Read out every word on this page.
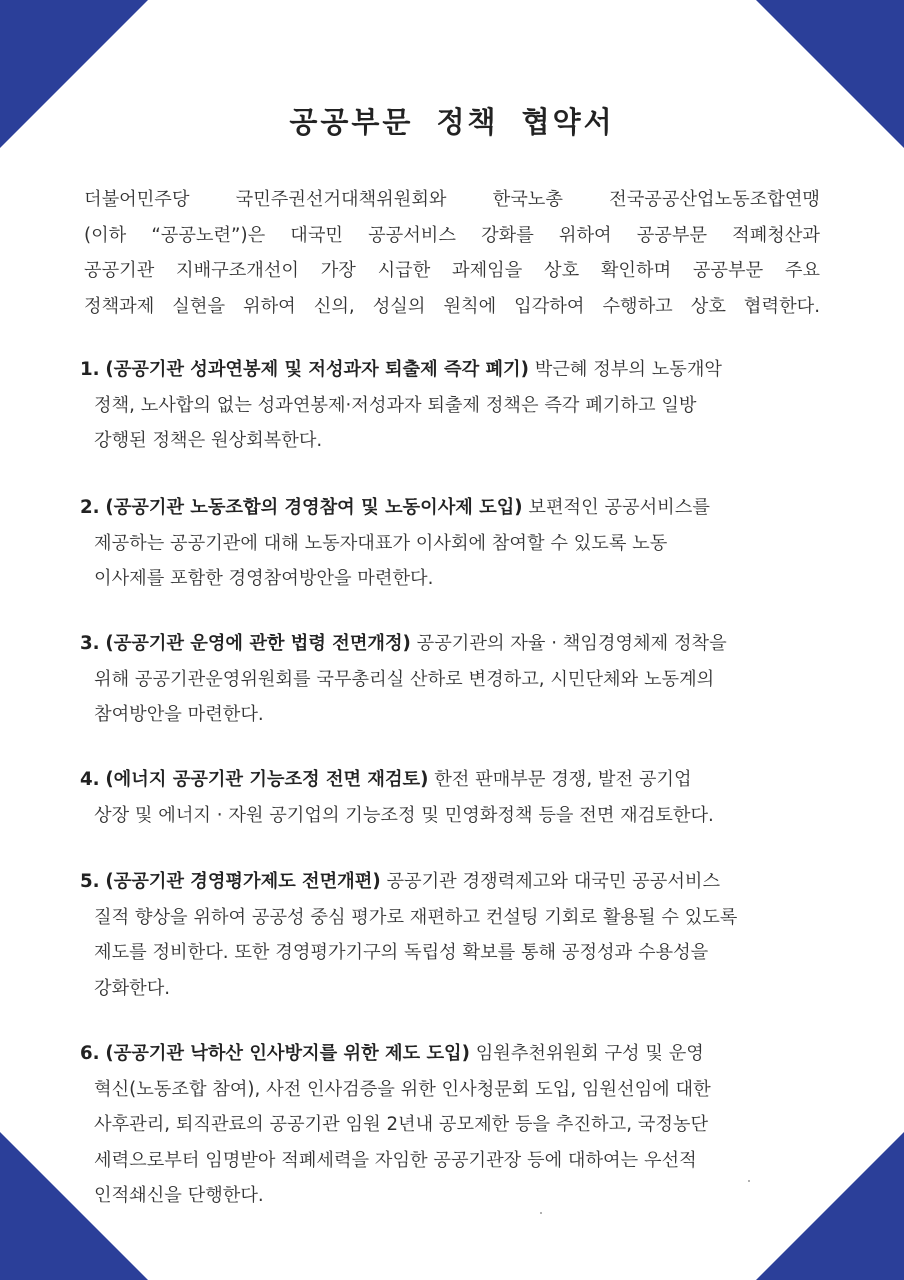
공공부문 정책 협약서
더불어민주당 국민주권선거대책위원회와 한국노총 전국공공산업노동조합연맹
(이하 “공공노련”)은 대국민 공공서비스 강화를 위하여 공공부문 적폐청산과
공공기관 지배구조개선이 가장 시급한 과제임을 상호 확인하며 공공부문 주요
정책과제 실현을 위하여 신의, 성실의 원칙에 입각하여 수행하고 상호 협력한다.
1. (공공기관 성과연봉제 및 저성과자 퇴출제 즉각 폐기) 박근혜 정부의 노동개악
정책, 노사합의 없는 성과연봉제·저성과자 퇴출제 정책은 즉각 폐기하고 일방
강행된 정책은 원상회복한다.
2. (공공기관 노동조합의 경영참여 및 노동이사제 도입) 보편적인 공공서비스를
제공하는 공공기관에 대해 노동자대표가 이사회에 참여할 수 있도록 노동
이사제를 포함한 경영참여방안을 마련한다.
3. (공공기관 운영에 관한 법령 전면개정) 공공기관의 자율 · 책임경영체제 정착을
위해 공공기관운영위원회를 국무총리실 산하로 변경하고, 시민단체와 노동계의
참여방안을 마련한다.
4. (에너지 공공기관 기능조정 전면 재검토) 한전 판매부문 경쟁, 발전 공기업
상장 및 에너지 · 자원 공기업의 기능조정 및 민영화정책 등을 전면 재검토한다.
5. (공공기관 경영평가제도 전면개편) 공공기관 경쟁력제고와 대국민 공공서비스
질적 향상을 위하여 공공성 중심 평가로 재편하고 컨설팅 기회로 활용될 수 있도록
제도를 정비한다. 또한 경영평가기구의 독립성 확보를 통해 공정성과 수용성을
강화한다.
6. (공공기관 낙하산 인사방지를 위한 제도 도입) 임원추천위원회 구성 및 운영
혁신(노동조합 참여), 사전 인사검증을 위한 인사청문회 도입, 임원선임에 대한
사후관리, 퇴직관료의 공공기관 임원 2년내 공모제한 등을 추진하고, 국정농단
세력으로부터 임명받아 적폐세력을 자임한 공공기관장 등에 대하여는 우선적
인적쇄신을 단행한다.
